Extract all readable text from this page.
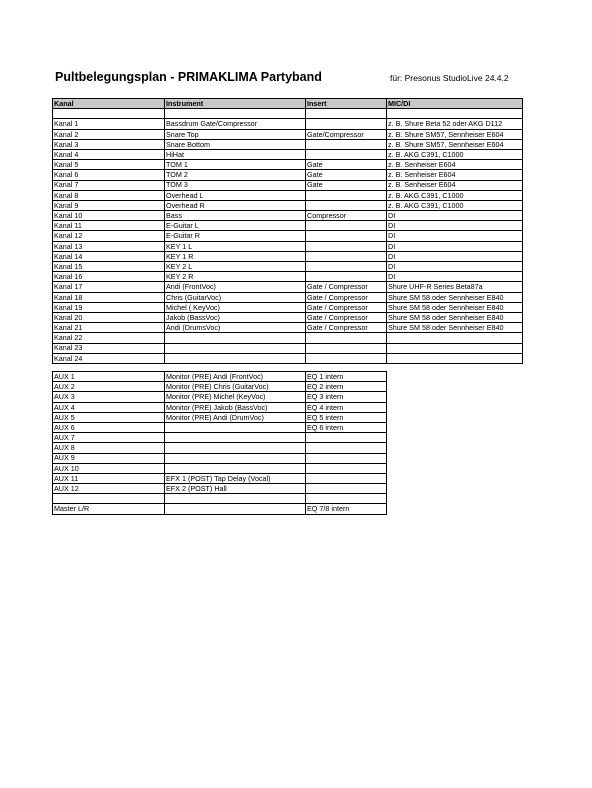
Pultbelegungsplan - PRIMAKLIMA Partyband	für: Presonus StudioLive 24.4.2
Kanal	Instrument	Insert	MIC/DI

Kanal 1	Bassdrum Gate/Compressor		z. B. Shure Beta 52 oder AKG D112
Kanal 2	Snare Top	Gate/Compressor	z. B. Shure SM57, Sennheiser E604
Kanal 3	Snare Bottom		z. B. Shure SM57, Sennheiser E604
Kanal 4	HiHat		z. B. AKG C391, C1000
Kanal 5	TOM 1	Gate	z. B. Senheiser E604
Kanal 6	TOM 2	Gate	z. B. Senheiser E604
Kanal 7	TOM 3	Gate	z. B. Senheiser E604
Kanal 8	Overhead L		z. B. AKG C391, C1000
Kanal 9	Overhead R		z. B. AKG C391, C1000
Kanal 10	Bass	Compressor	DI
Kanal 11	E-Guitar L		DI
Kanal 12	E-Guitar R		DI
Kanal 13	KEY 1 L		DI
Kanal 14	KEY 1 R		DI
Kanal 15	KEY 2 L		DI
Kanal 16	KEY 2 R		DI
Kanal 17	Andi (FrontVoc)	Gate / Compressor	Shure UHF-R Series Beta87a
Kanal 18	Chris (GuitarVoc)	Gate / Compressor	Shure SM 58 oder Sennheiser E840
Kanal 19	Michel ( KeyVoc)	Gate / Compressor	Shure SM 58 oder Sennheiser E840
Kanal 20	Jakob (BassVoc)	Gate / Compressor	Shure SM 58 oder Sennheiser E840
Kanal 21	Andi (DrumsVoc)	Gate / Compressor	Shure SM 58 oder Sennheiser E840
Kanal 22			
Kanal 23			
Kanal 24			
AUX 1	Monitor (PRE) Andi (FrontVoc)	EQ 1 intern
AUX 2	Monitor (PRE) Chris (GuitarVoc)	EQ 2 intern
AUX 3	Monitor (PRE) Michel (KeyVoc)	EQ 3 intern
AUX 4	Monitor (PRE) Jakob (BassVoc)	EQ 4 intern
AUX 5	Monitor (PRE) Andi (DrumVoc)	EQ 5 intern
AUX 6		EQ 6 intern
AUX 7		
AUX 8		
AUX 9		
AUX 10		
AUX 11	EFX 1 (POST) Tap Delay (Vocal)	
AUX 12	EFX 2 (POST) Hall	

Master L/R		EQ 7/8 intern
